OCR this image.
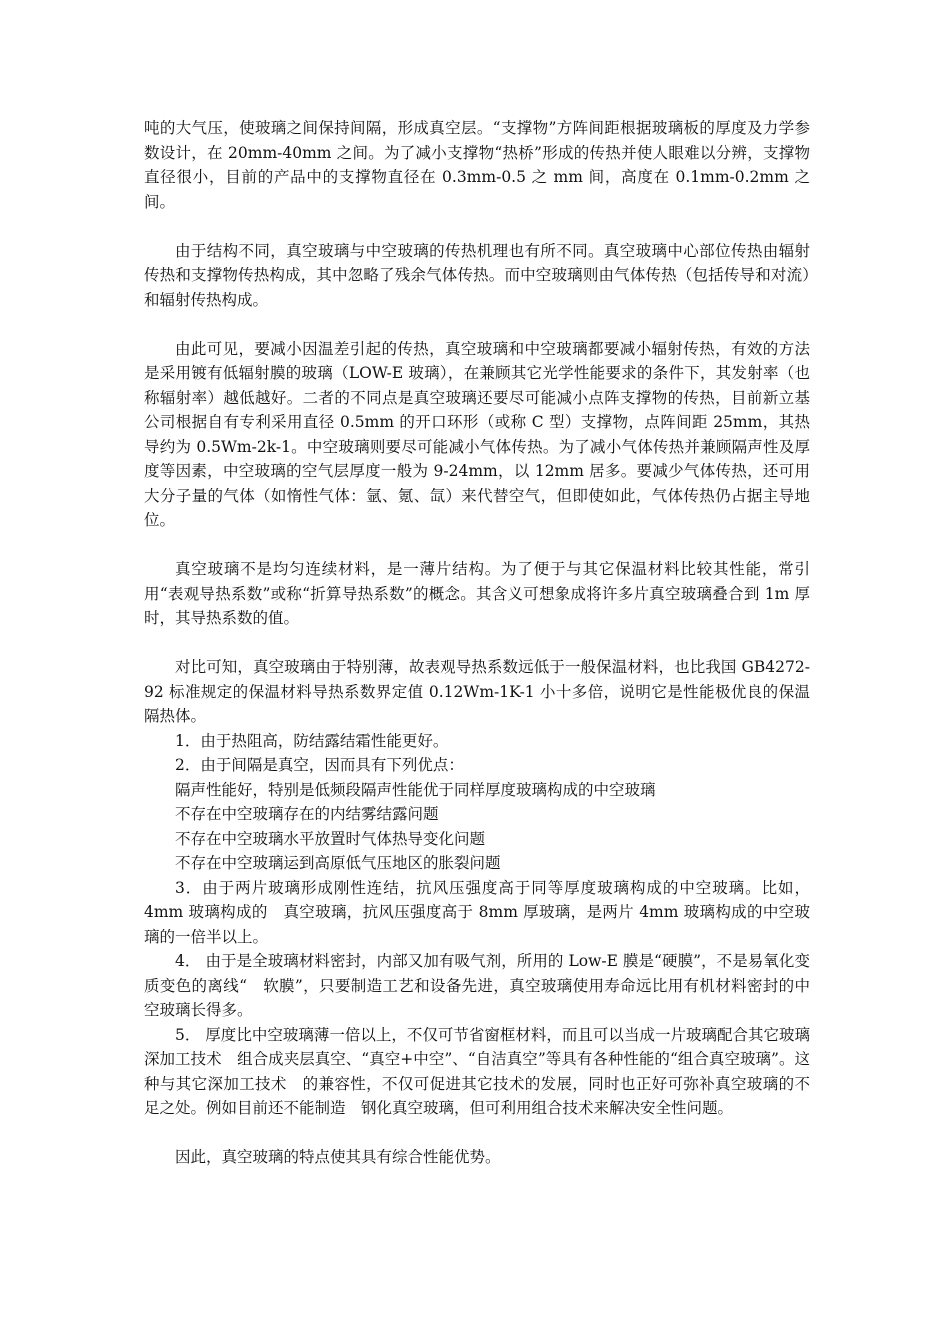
吨的大气压，使玻璃之间保持间隔，形成真空层。“支撑物”方阵间距根据玻璃板的厚度及力学参数设计，在 20mm-40mm 之间。为了减小支撑物“热桥”形成的传热并使人眼难以分辨，支撑物直径很小，目前的产品中的支撑物直径在 0.3mm-0.5 之 mm 间，高度在 0.1mm-0.2mm 之间。

由于结构不同，真空玻璃与中空玻璃的传热机理也有所不同。真空玻璃中心部位传热由辐射传热和支撑物传热构成，其中忽略了残余气体传热。而中空玻璃则由气体传热（包括传导和对流）和辐射传热构成。

由此可见，要减小因温差引起的传热，真空玻璃和中空玻璃都要减小辐射传热，有效的方法是采用镀有低辐射膜的玻璃（LOW-E 玻璃），在兼顾其它光学性能要求的条件下，其发射率（也称辐射率）越低越好。二者的不同点是真空玻璃还要尽可能减小点阵支撑物的传热，目前新立基公司根据自有专利采用直径 0.5mm 的开口环形（或称 C 型）支撑物，点阵间距 25mm，其热导约为 0.5Wm-2k-1。中空玻璃则要尽可能减小气体传热。为了减小气体传热并兼顾隔声性及厚度等因素，中空玻璃的空气层厚度一般为 9-24mm，以 12mm 居多。要减少气体传热，还可用大分子量的气体（如惰性气体：氩、氪、氙）来代替空气，但即使如此，气体传热仍占据主导地位。

真空玻璃不是均匀连续材料，是一薄片结构。为了便于与其它保温材料比较其性能，常引用“表观导热系数”或称“折算导热系数”的概念。其含义可想象成将许多片真空玻璃叠合到 1m 厚时，其导热系数的值。

对比可知，真空玻璃由于特别薄，故表观导热系数远低于一般保温材料，也比我国 GB4272-92 标准规定的保温材料导热系数界定值 0.12Wm-1K-1 小十多倍，说明它是性能极优良的保温隔热体。

1．由于热阻高，防结露结霜性能更好。

2．由于间隔是真空，因而具有下列优点：

隔声性能好，特别是低频段隔声性能优于同样厚度玻璃构成的中空玻璃

不存在中空玻璃存在的内结雾结露问题

不存在中空玻璃水平放置时气体热导变化问题

不存在中空玻璃运到高原低气压地区的胀裂问题

3．由于两片玻璃形成刚性连结，抗风压强度高于同等厚度玻璃构成的中空玻璃。比如，4mm 玻璃构成的　真空玻璃，抗风压强度高于 8mm 厚玻璃，是两片 4mm 玻璃构成的中空玻璃的一倍半以上。

4． 由于是全玻璃材料密封，内部又加有吸气剂，所用的 Low-E 膜是“硬膜”，不是易氧化变质变色的离线“　软膜”，只要制造工艺和设备先进，真空玻璃使用寿命远比用有机材料密封的中空玻璃长得多。

5． 厚度比中空玻璃薄一倍以上，不仅可节省窗框材料，而且可以当成一片玻璃配合其它玻璃深加工技术　组合成夹层真空、“真空+中空”、“自洁真空”等具有各种性能的“组合真空玻璃”。这种与其它深加工技术　的兼容性，不仅可促进其它技术的发展，同时也正好可弥补真空玻璃的不足之处。例如目前还不能制造　钢化真空玻璃，但可利用组合技术来解决安全性问题。

因此，真空玻璃的特点使其具有综合性能优势。
